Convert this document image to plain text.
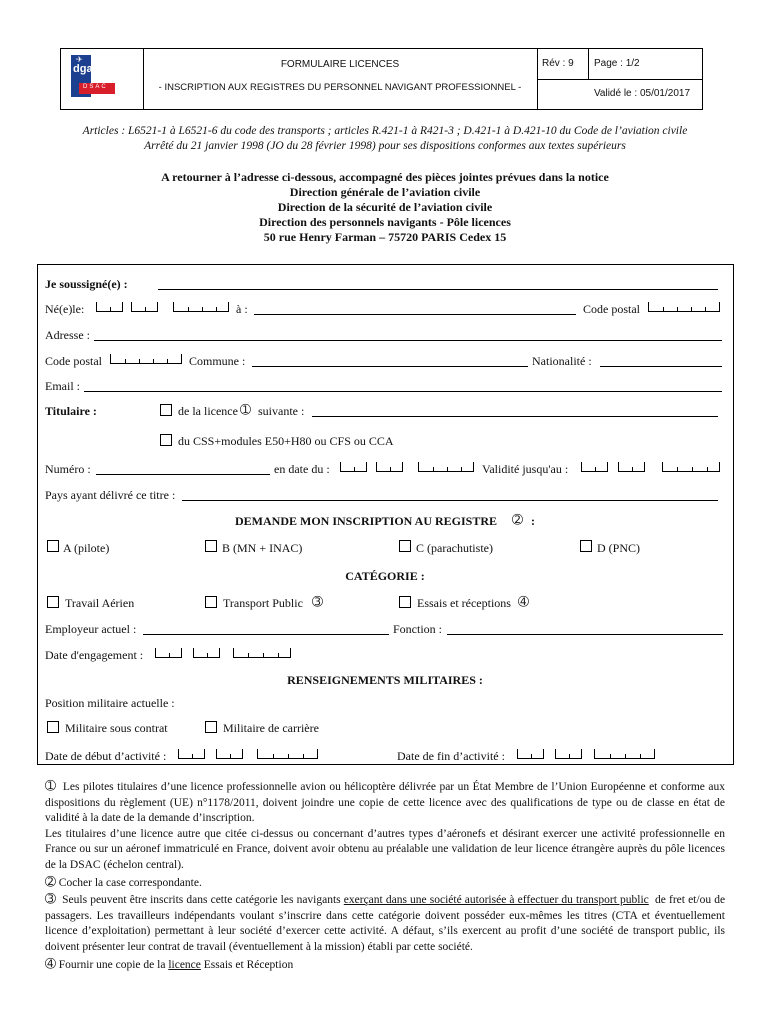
✈
dgac
DSAC
FORMULAIRE LICENCES
- INSCRIPTION AUX REGISTRES DU PERSONNEL NAVIGANT PROFESSIONNEL -
Rév : 9 Page : 1/2
Validé le : 05/01/2017
Articles : L6521-1 à L6521-6 du code des transports ; articles R.421-1 à R421-3 ; D.421-1 à D.421-10 du Code de l’aviation civile
Arrêté du 21 janvier 1998 (JO du 28 février 1998) pour ses dispositions conformes aux textes supérieurs
A retourner à l’adresse ci-dessous, accompagné des pièces jointes prévues dans la notice
Direction générale de l’aviation civile
Direction de la sécurité de l’aviation civile
Direction des personnels navigants - Pôle licences
50 rue Henry Farman – 75720 PARIS Cedex 15
Je soussigné(e) :
Né(e)le:	à :	Code postal
Adresse :
Code postal	Commune :	Nationalité :
Email :
Titulaire :	de la licence ➀ suivante :
du CSS+modules E50+H80 ou CFS ou CCA
Numéro :	en date du :	Validité jusqu'au :
Pays ayant délivré ce titre :
DEMANDE MON INSCRIPTION AU REGISTRE ➁ :
A (pilote)	B (MN + INAC)	C (parachutiste)	D (PNC)
CATÉGORIE :
Travail Aérien	Transport Public ➂	Essais et réceptions ➃
Employeur actuel :	Fonction :
Date d'engagement :
RENSEIGNEMENTS MILITAIRES :
Position militaire actuelle :
Militaire sous contrat	Militaire de carrière
Date de début d’activité :	Date de fin d’activité :

➀ Les pilotes titulaires d’une licence professionnelle avion ou hélicoptère délivrée par un État Membre de l’Union Européenne et conforme aux dispositions du règlement (UE) n°1178/2011, doivent joindre une copie de cette licence avec des qualifications de type ou de classe en état de validité à la date de la demande d’inscription.

Les titulaires d’une licence autre que citée ci-dessus ou concernant d’autres types d’aéronefs et désirant exercer une activité professionnelle en France ou sur un aéronef immatriculé en France, doivent avoir obtenu au préalable une validation de leur licence étrangère auprès du pôle licences de la DSAC (échelon central).

➁ Cocher la case correspondante.

➂ Seuls peuvent être inscrits dans cette catégorie les navigants exerçant dans une société autorisée à effectuer du transport public de fret et/ou de passagers. Les travailleurs indépendants voulant s’inscrire dans cette catégorie doivent posséder eux-mêmes les titres (CTA et éventuellement licence d’exploitation) permettant à leur société d’exercer cette activité. A défaut, s’ils exercent au profit d’une société de transport public, ils doivent présenter leur contrat de travail (éventuellement à la mission) établi par cette société.

➃ Fournir une copie de la licence Essais et Réception
